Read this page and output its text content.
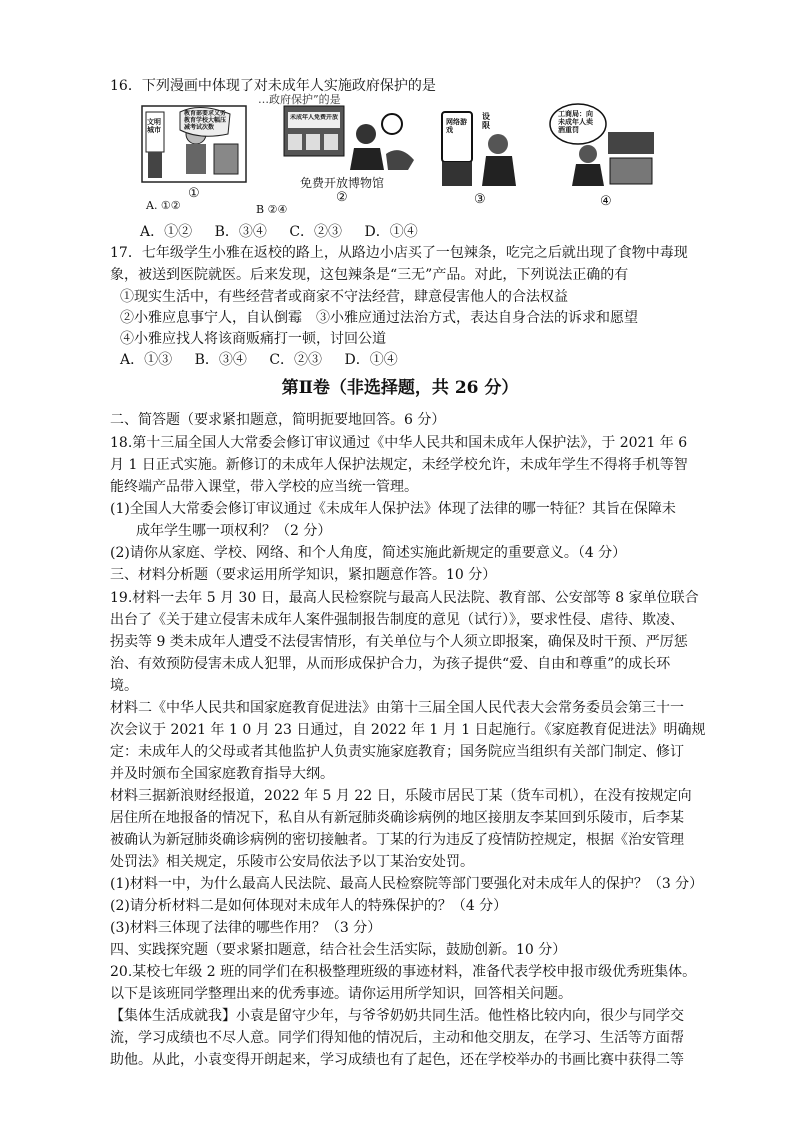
16．下列漫画中体现了对未成年人实施政府保护的是
…政府保护”的是
文明城市
教育部要求义务教育学校大幅压减考试次数
①
未成年人免费开放
免费开放博物馆
②
网络游戏
设限
③
工商局：向未成年人卖酒重罚
④
A. ①②	B ②④
A．①② B．③④ C．②③ D．①④
17．七年级学生小雅在返校的路上，从路边小店买了一包辣条，吃完之后就出现了食物中毒现
象，被送到医院就医。后来发现，这包辣条是“三无”产品。对此，下列说法正确的有
①现实生活中，有些经营者或商家不守法经营，肆意侵害他人的合法权益
②小雅应息事宁人，自认倒霉　③小雅应通过法治方式，表达自身合法的诉求和愿望
④小雅应找人将该商贩痛打一顿，讨回公道
A．①③ B．③④ C．②③ D．①④
第Ⅱ卷（非选择题，共 26 分）
二、简答题（要求紧扣题意，简明扼要地回答。6 分）
18.第十三届全国人大常委会修订审议通过《中华人民共和国未成年人保护法》，于 2021 年 6
月 1 日正式实施。新修订的未成年人保护法规定，未经学校允许，未成年学生不得将手机等智
能终端产品带入课堂，带入学校的应当统一管理。
(1)全国人大常委会修订审议通过《未成年人保护法》体现了法律的哪一特征？其旨在保障未
成年学生哪一项权利？（2 分）
(2)请你从家庭、学校、网络、和个人角度，简述实施此新规定的重要意义。（4 分）
三、材料分析题（要求运用所学知识，紧扣题意作答。10 分）
19.材料一去年 5 月 30 日，最高人民检察院与最高人民法院、教育部、公安部等 8 家单位联合
出台了《关于建立侵害未成年人案件强制报告制度的意见（试行）》，要求性侵、虐待、欺凌、
拐卖等 9 类未成年人遭受不法侵害情形，有关单位与个人须立即报案，确保及时干预、严厉惩
治、有效预防侵害未成人犯罪，从而形成保护合力，为孩子提供“爱、自由和尊重”的成长环
境。
材料二《中华人民共和国家庭教育促进法》由第十三届全国人民代表大会常务委员会第三十一
次会议于 2021 年 1 0 月 23 日通过，自 2022 年 1 月 1 日起施行。《家庭教育促进法》明确规
定：未成年人的父母或者其他监护人负责实施家庭教育；国务院应当组织有关部门制定、修订
并及时颁布全国家庭教育指导大纲。
材料三据新浪财经报道，2022 年 5 月 22 日，乐陵市居民丁某（货车司机），在没有按规定向
居住所在地报备的情况下，私自从有新冠肺炎确诊病例的地区接朋友李某回到乐陵市，后李某
被确认为新冠肺炎确诊病例的密切接触者。丁某的行为违反了疫情防控规定，根据《治安管理
处罚法》相关规定，乐陵市公安局依法予以丁某治安处罚。
(1)材料一中，为什么最高人民法院、最高人民检察院等部门要强化对未成年人的保护？（3 分）
(2)请分析材料二是如何体现对未成年人的特殊保护的？（4 分）
(3)材料三体现了法律的哪些作用？（3 分）
四、实践探究题（要求紧扣题意，结合社会生活实际，鼓励创新。10 分）
20.某校七年级 2 班的同学们在积极整理班级的事迹材料，准备代表学校申报市级优秀班集体。
以下是该班同学整理出来的优秀事迹。请你运用所学知识，回答相关问题。
【集体生活成就我】小袁是留守少年，与爷爷奶奶共同生活。他性格比较内向，很少与同学交
流，学习成绩也不尽人意。同学们得知他的情况后，主动和他交朋友，在学习、生活等方面帮
助他。从此，小袁变得开朗起来，学习成绩也有了起色，还在学校举办的书画比赛中获得二等
